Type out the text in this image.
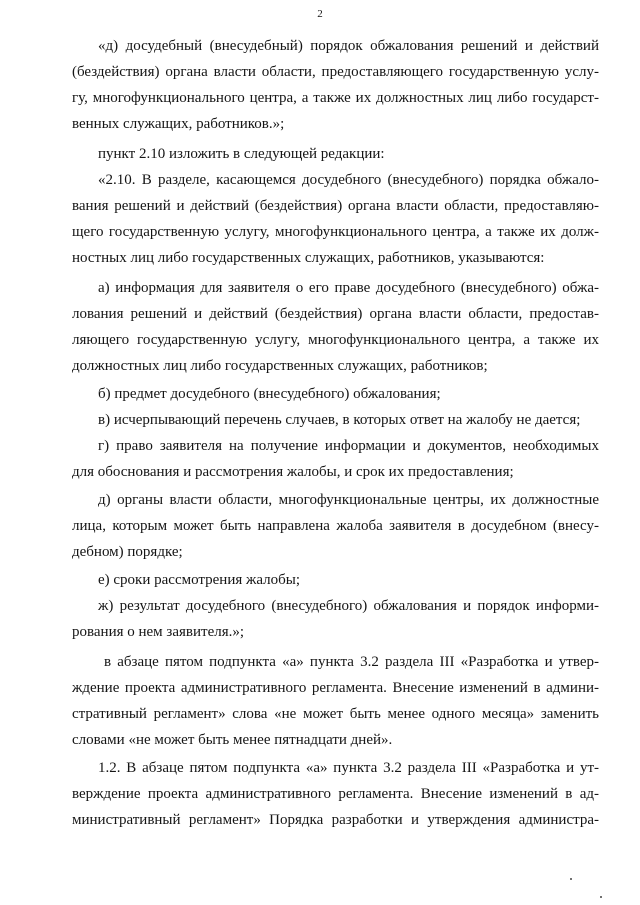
2
«д) досудебный (внесудебный) порядок обжалования решений и действий
(бездействия) органа власти области, предоставляющего государственную услу-
гу, многофункционального центра, а также их должностных лиц либо государст-
венных служащих, работников.»;
пункт 2.10 изложить в следующей редакции:
«2.10. В разделе, касающемся досудебного (внесудебного) порядка обжало-
вания решений и действий (бездействия) органа власти области, предоставляю-
щего государственную услугу, многофункционального центра, а также их долж-
ностных лиц либо государственных служащих, работников, указываются:
а) информация для заявителя о его праве досудебного (внесудебного) обжа-
лования решений и действий (бездействия) органа власти области, предостав-
ляющего государственную услугу, многофункционального центра, а также их
должностных лиц либо государственных служащих, работников;
б) предмет досудебного (внесудебного) обжалования;
в) исчерпывающий перечень случаев, в которых ответ на жалобу не дается;
г) право заявителя на получение информации и документов, необходимых
для обоснования и рассмотрения жалобы, и срок их предоставления;
д) органы власти области, многофункциональные центры, их должностные
лица, которым может быть направлена жалоба заявителя в досудебном (внесу-
дебном) порядке;
е) сроки рассмотрения жалобы;
ж) результат досудебного (внесудебного) обжалования и порядок информи-
рования о нем заявителя.»;
в абзаце пятом подпункта «а» пункта 3.2 раздела III «Разработка и утвер-
ждение проекта административного регламента. Внесение изменений в админи-
стративный регламент» слова «не может быть менее одного месяца» заменить
словами «не может быть менее пятнадцати дней».
1.2. В абзаце пятом подпункта «а» пункта 3.2 раздела III «Разработка и ут-
верждение проекта административного регламента. Внесение изменений в ад-
министративный регламент» Порядка разработки и утверждения администра-
